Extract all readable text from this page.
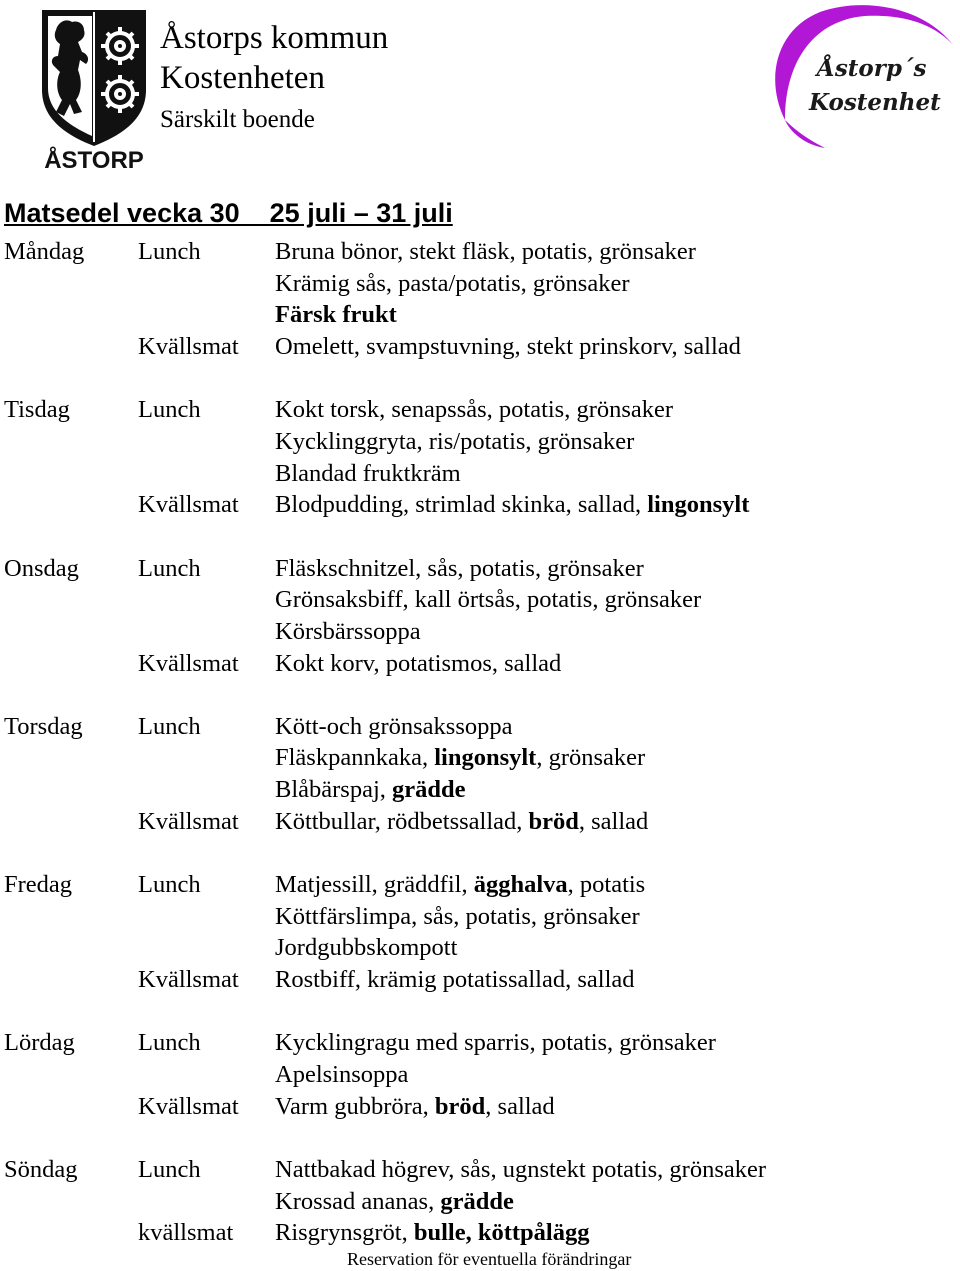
ÅSTORP
Åstorps kommun
Kostenheten
Särskilt boende
Åstorp´s
Kostenhet
Matsedel vecka 30    25 juli – 31 juli
Måndag Lunch	Bruna bönor, stekt fläsk, potatis, grönsaker
Krämig sås, pasta/potatis, grönsaker
Färsk frukt
Kvällsmat Omelett, svampstuvning, stekt prinskorv, sallad
Tisdag	Lunch	Kokt torsk, senapssås, potatis, grönsaker
Kycklinggryta, ris/potatis, grönsaker
Blandad fruktkräm
Kvällsmat Blodpudding, strimlad skinka, sallad, lingonsylt
Onsdag Lunch	Fläskschnitzel, sås, potatis, grönsaker
Grönsaksbiff, kall örtsås, potatis, grönsaker
Körsbärssoppa
Kvällsmat Kokt korv, potatismos, sallad
Torsdag Lunch	Kött-och grönsakssoppa
Fläskpannkaka, lingonsylt, grönsaker
Blåbärspaj, grädde
Kvällsmat Köttbullar, rödbetssallad, bröd, sallad
Fredag	Lunch	Matjessill, gräddfil, ägghalva, potatis
Köttfärslimpa, sås, potatis, grönsaker
Jordgubbskompott
Kvällsmat Rostbiff, krämig potatissallad, sallad
Lördag	Lunch	Kycklingragu med sparris, potatis, grönsaker
Apelsinsoppa
Kvällsmat Varm gubbröra, bröd, sallad
Söndag Lunch	Nattbakad högrev, sås, ugnstekt potatis, grönsaker
Krossad ananas, grädde
kvällsmat Risgrynsgröt, bulle, köttpålägg
Reservation för eventuella förändringar
